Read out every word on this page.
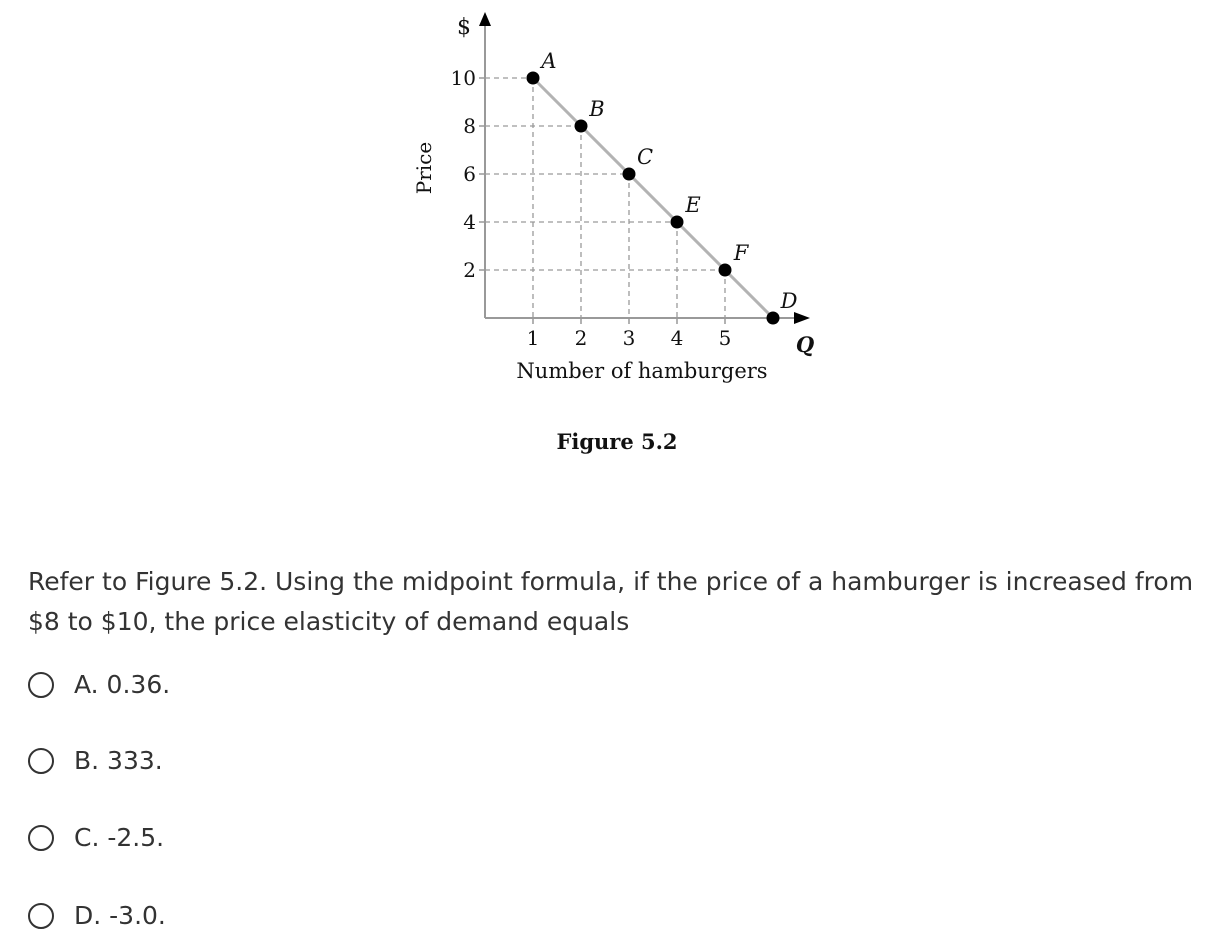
$
Price
Q
Number of hamburgers
2
4
6
8
10
1 2 3 4 5
A
B
C
E
F
D
Figure 5.2

Refer to Figure 5.2. Using the midpoint formula, if the price of a hamburger is increased from $8 to $10, the price elasticity of demand equals

A. 0.36.
B. 333.
C. -2.5.
D. -3.0.
